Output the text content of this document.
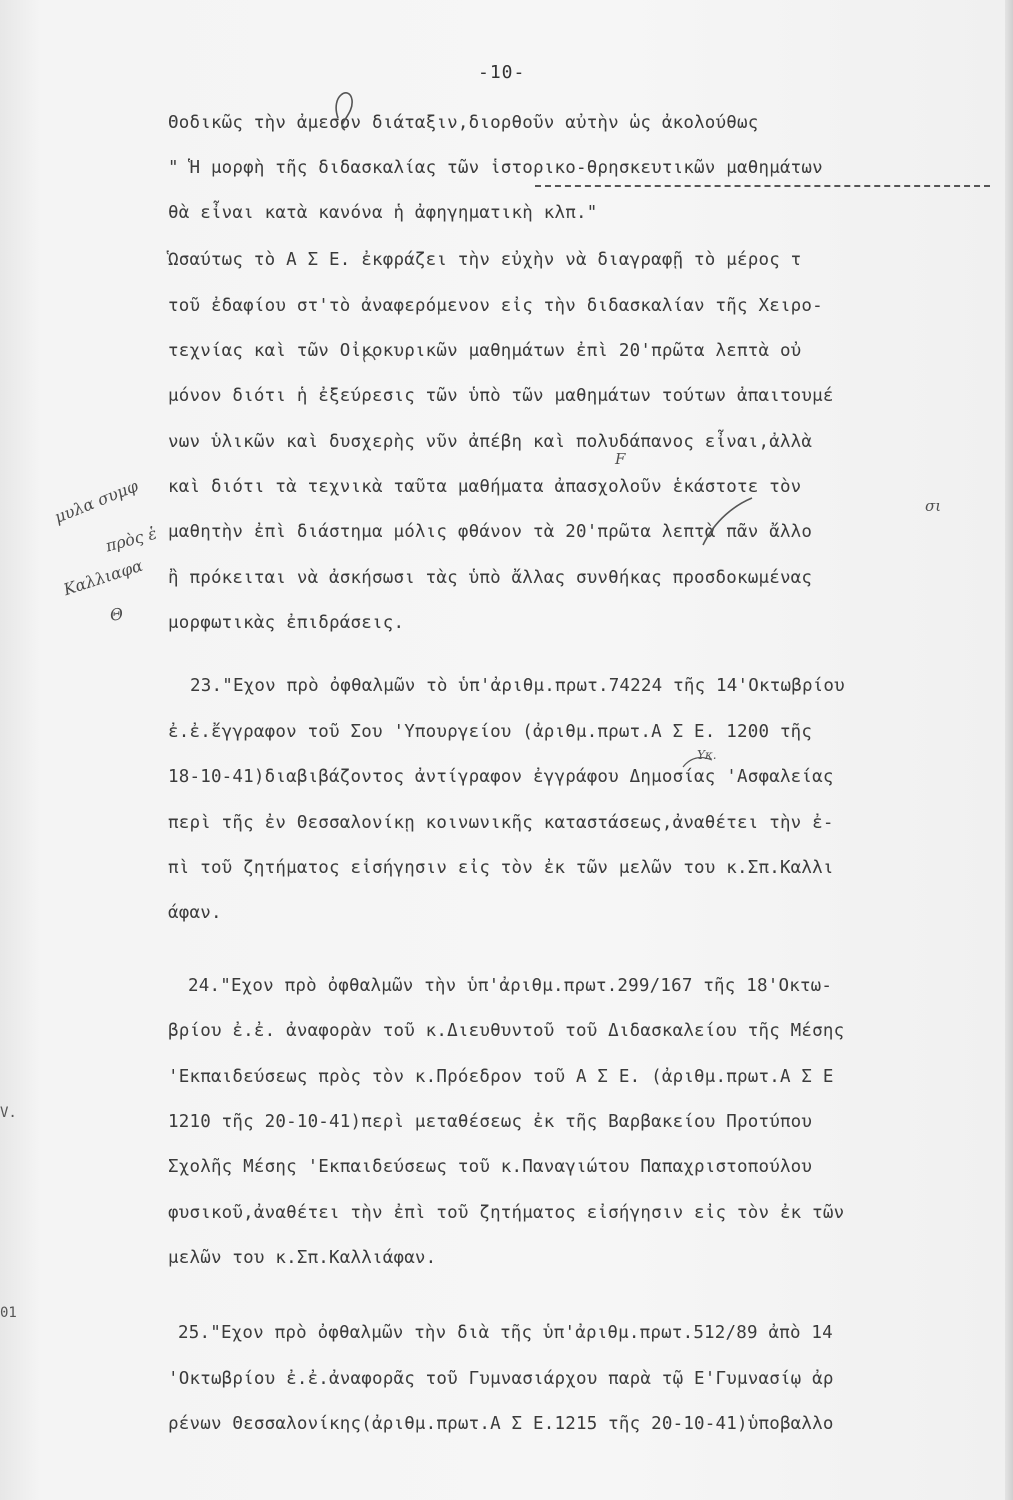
-10-
Θοδικῶς τὴν ἀμεσον διάταξιν,διορθοῦν αὐτὴν ὡς ἀκολούθως
" Ἡ μορφὴ τῆς διδασκαλίας τῶν ἱστορικο-θρησκευτικῶν μαθημάτων
θὰ εἶναι κατὰ κανόνα ἡ ἀφηγηματικὴ κλπ."
Ὡσαύτως τὸ Α Σ Ε. ἐκφράζει τὴν εὐχὴν νὰ διαγραφῇ τὸ μέρος τ
τοῦ ἐδαφίου στ'τὸ ἀναφερόμενον εἰς τὴν διδασκαλίαν τῆς Χειρο-
τεχνίας καὶ τῶν Οἰκοκυρικῶν μαθημάτων ἐπὶ 20'πρῶτα λεπτὰ οὐ
μόνον διότι ἡ ἐξεύρεσις τῶν ὑπὸ τῶν μαθημάτων τούτων ἀπαιτουμέ
νων ὑλικῶν καὶ δυσχερὴς νῦν ἀπέβη καὶ πολυδάπανος εἶναι,ἀλλὰ
καὶ διότι τὰ τεχνικὰ ταῦτα μαθήματα ἀπασχολοῦν ἑκάστοτε τὸν
μαθητὴν ἐπὶ διάστημα μόλις φθάνον τὰ 20'πρῶτα λεπτὰ πᾶν ἄλλο
ἢ πρόκειται νὰ ἀσκήσωσι τὰς ὑπὸ ἄλλας συνθήκας προσδοκωμένας
μορφωτικὰς ἐπιδράσεις.
23."Εχον πρὸ ὀφθαλμῶν τὸ ὑπ'ἀριθμ.πρωτ.74224 τῆς 14'Οκτωβρίου
ἐ.ἐ.ἔγγραφον τοῦ Σου 'Υπουργείου (ἀριθμ.πρωτ.Α Σ Ε. 1200 τῆς
18-10-41)διαβιβάζοντος ἀντίγραφον ἐγγράφου Δημοσίας 'Ασφαλείας
περὶ τῆς ἐν Θεσσαλονίκῃ κοινωνικῆς καταστάσεως,ἀναθέτει τὴν ἐ-
πὶ τοῦ ζητήματος εἰσήγησιν εἰς τὸν ἐκ τῶν μελῶν του κ.Σπ.Καλλι
άφαν.
24."Εχον πρὸ ὀφθαλμῶν τὴν ὑπ'ἀριθμ.πρωτ.299/167 τῆς 18'Οκτω-
βρίου ἐ.ἐ. ἀναφορὰν τοῦ κ.Διευθυντοῦ τοῦ Διδασκαλείου τῆς Μέσης
'Εκπαιδεύσεως πρὸς τὸν κ.Πρόεδρον τοῦ Α Σ Ε. (ἀριθμ.πρωτ.Α Σ Ε
1210 τῆς 20-10-41)περὶ μεταθέσεως ἐκ τῆς Βαρβακείου Προτύπου
Σχολῆς Μέσης 'Εκπαιδεύσεως τοῦ κ.Παναγιώτου Παπαχριστοπούλου
φυσικοῦ,ἀναθέτει τὴν ἐπὶ τοῦ ζητήματος εἰσήγησιν εἰς τὸν ἐκ τῶν
μελῶν του κ.Σπ.Καλλιάφαν.
25."Εχον πρὸ ὀφθαλμῶν τὴν διὰ τῆς ὑπ'ἀριθμ.πρωτ.512/89 ἀπὸ 14
'Οκτωβρίου ἐ.ἐ.ἀναφορᾶς τοῦ Γυμνασιάρχου παρὰ τῷ Ε'Γυμνασίῳ ἀρ
ρένων Θεσσαλονίκης(ἀριθμ.πρωτ.Α Σ Ε.1215 τῆς 20-10-41)ὑποβαλλο
μυλα συμφ
πρὸς ἑ
Καλλιαφα
Θ
V.
01
F
σι
Υκ.
